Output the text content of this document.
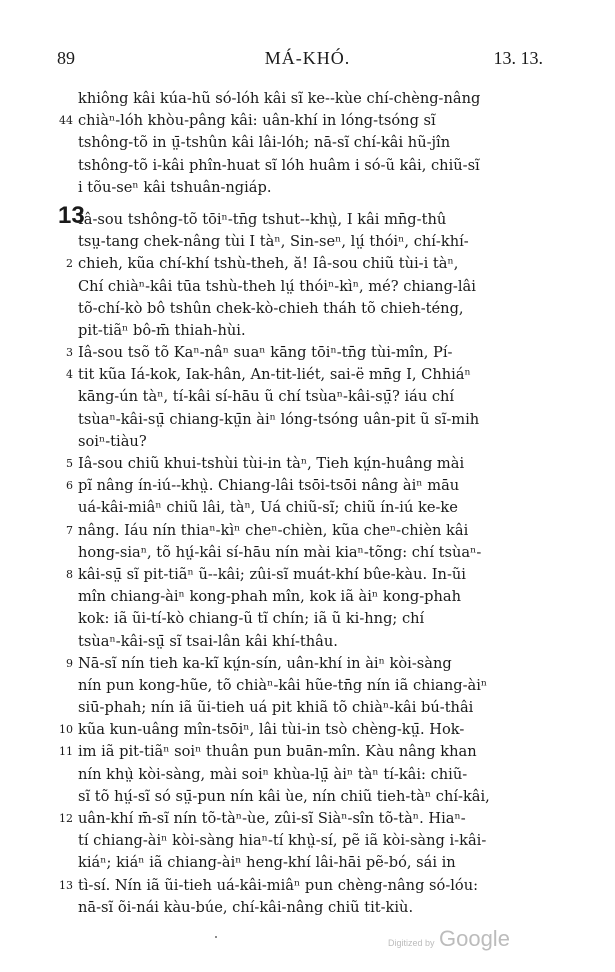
89	MÁ-KHÓ.	13. 13.
khiông kâi kúa-hũ só-lóh kâi sĩ ke--kùe chí-chèng-nâng
44 chiàⁿ-lóh khòu-pâng kâi: uân-khí in lóng-tsóng sĩ
tshông-tõ in ṳ̄-tshûn kâi lâi-lóh; nā-sĩ chí-kâi hũ-jîn
tshông-tõ i-kâi phîn-huat sĩ lóh huâm i só-ũ kâi, chiũ-sĩ
i tõu-seⁿ kâi tshuân-ngiáp.
13
Iâ-sou tshông-tõ tōiⁿ-tn̄g tshut--khṳ̀, I kâi mn̄g-thû
tsṳ-tang chek-nâng tùi I tàⁿ, Sin-seⁿ, lṳ́ thóiⁿ, chí-khí-
2 chieh, kũa chí-khí tshù-theh, ă! Iâ-sou chiũ tùi-i tàⁿ,
Chí chiàⁿ-kâi tūa tshù-theh lṳ́ thóiⁿ-kìⁿ, mé? chiang-lâi
tõ-chí-kò bô tshûn chek-kò-chieh tháh tõ chieh-téng,
pit-tiãⁿ bô-m̄ thiah-hùi.
3 Iâ-sou tsõ tõ Kaⁿ-nâⁿ suaⁿ kāng tōiⁿ-tn̄g tùi-mîn, Pí-
4 tit kũa Iá-kok, Iak-hân, An-tit-liét, sai-ë mn̄g I, Chhiáⁿ
kāng-ún tàⁿ, tí-kâi sí-hāu ũ chí tsùaⁿ-kâi-sṳ̄? iáu chí
tsùaⁿ-kâi-sṳ̄ chiang-kṳ̄n àiⁿ lóng-tsóng uân-pit ũ sĩ-mih
soiⁿ-tiàu?
5 Iâ-sou chiũ khui-tshùi tùi-in tàⁿ, Tieh kṳ́n-huâng mài
6 pĩ nâng ín-iú--khṳ̀. Chiang-lâi tsōi-tsōi nâng àiⁿ māu
uá-kâi-miâⁿ chiũ lâi, tàⁿ, Uá chiũ-sĩ; chiũ ín-iú ke-ke
7 nâng. Iáu nín thiaⁿ-kìⁿ cheⁿ-chièn, kũa cheⁿ-chièn kâi
hong-siaⁿ, tõ hṳ́-kâi sí-hāu nín mài kiaⁿ-tõng: chí tsùaⁿ-
8 kâi-sṳ̄ sĩ pit-tiãⁿ ũ--kâi; zûi-sĩ muát-khí bûe-kàu. In-ũi
mîn chiang-àiⁿ kong-phah mîn, kok iã àiⁿ kong-phah
kok: iã ũi-tí-kò chiang-ũ tĩ chín; iã ũ ki-hng; chí
tsùaⁿ-kâi-sṳ̄ sĩ tsai-lân kâi khí-thâu.
9 Nā-sĩ nín tieh ka-kĩ kṳ́n-sín, uân-khí in àiⁿ kòi-sàng
nín pun kong-hũe, tõ chiàⁿ-kâi hũe-tn̄g nín iã chiang-àiⁿ
siū-phah; nín iã ũi-tieh uá pit khiã tõ chiàⁿ-kâi bú-thâi
10 kũa kun-uâng mîn-tsōiⁿ, lâi tùi-in tsò chèng-kṳ̄. Hok-
11 im iã pit-tiãⁿ soiⁿ thuân pun buān-mîn. Kàu nâng khan
nín khṳ̀ kòi-sàng, mài soiⁿ khùa-lṳ̄ àiⁿ tàⁿ tí-kâi: chiũ-
sĩ tõ hṳ́-sĩ só sṳ̄-pun nín kâi ùe, nín chiũ tieh-tàⁿ chí-kâi,
12 uân-khí m̄-sĩ nín tõ-tàⁿ-ùe, zûi-sĩ Siàⁿ-sîn tõ-tàⁿ. Hiaⁿ-
tí chiang-àiⁿ kòi-sàng hiaⁿ-tí khṳ̀-sí, pẽ iã kòi-sàng i-kâi-
kiáⁿ; kiáⁿ iã chiang-àiⁿ heng-khí lâi-hāi pẽ-bó, sái in
13 tì-sí. Nín iã ũi-tieh uá-kâi-miâⁿ pun chèng-nâng só-lóu:
nā-sĩ õi-nái kàu-búe, chí-kâi-nâng chiũ tit-kiù.
Digitized by Google
